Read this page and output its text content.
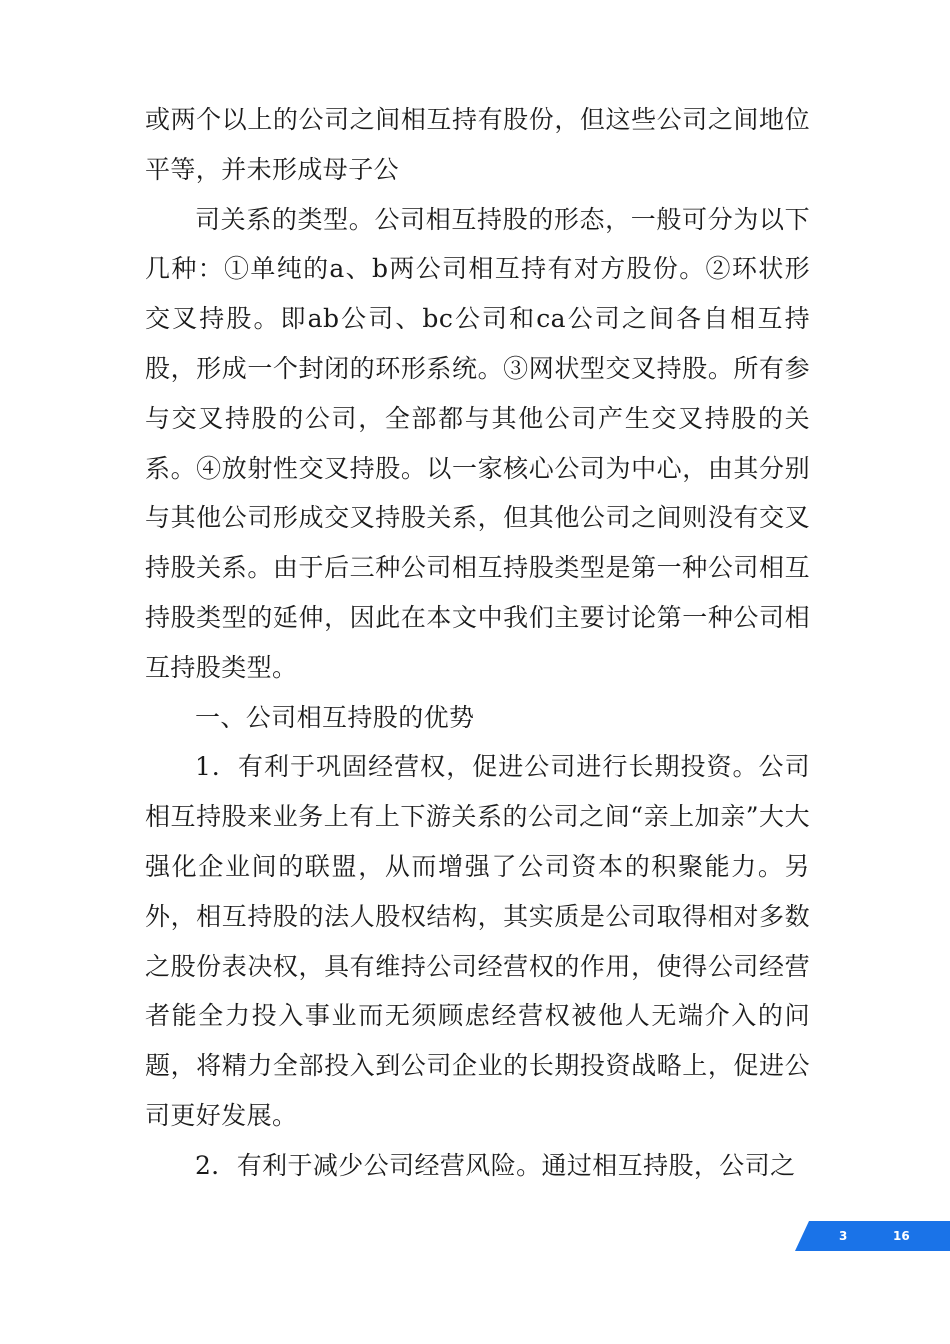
或两个以上的公司之间相互持有股份，但这些公司之间地位平等，并未形成母子公

司关系的类型。公司相互持股的形态，一般可分为以下几种：①单纯的a、b两公司相互持有对方股份。②环状形交叉持股。即ab公司、bc公司和ca公司之间各自相互持股，形成一个封闭的环形系统。③网状型交叉持股。所有参与交叉持股的公司，全部都与其他公司产生交叉持股的关系。④放射性交叉持股。以一家核心公司为中心，由其分别与其他公司形成交叉持股关系，但其他公司之间则没有交叉持股关系。由于后三种公司相互持股类型是第一种公司相互持股类型的延伸，因此在本文中我们主要讨论第一种公司相互持股类型。

一、公司相互持股的优势

1．有利于巩固经营权，促进公司进行长期投资。公司相互持股来业务上有上下游关系的公司之间“亲上加亲”大大强化企业间的联盟，从而增强了公司资本的积聚能力。另外，相互持股的法人股权结构，其实质是公司取得相对多数之股份表决权，具有维持公司经营权的作用，使得公司经营者能全力投入事业而无须顾虑经营权被他人无端介入的问题，将精力全部投入到公司企业的长期投资战略上，促进公司更好发展。

2．有利于减少公司经营风险。通过相互持股，公司之

3	16
